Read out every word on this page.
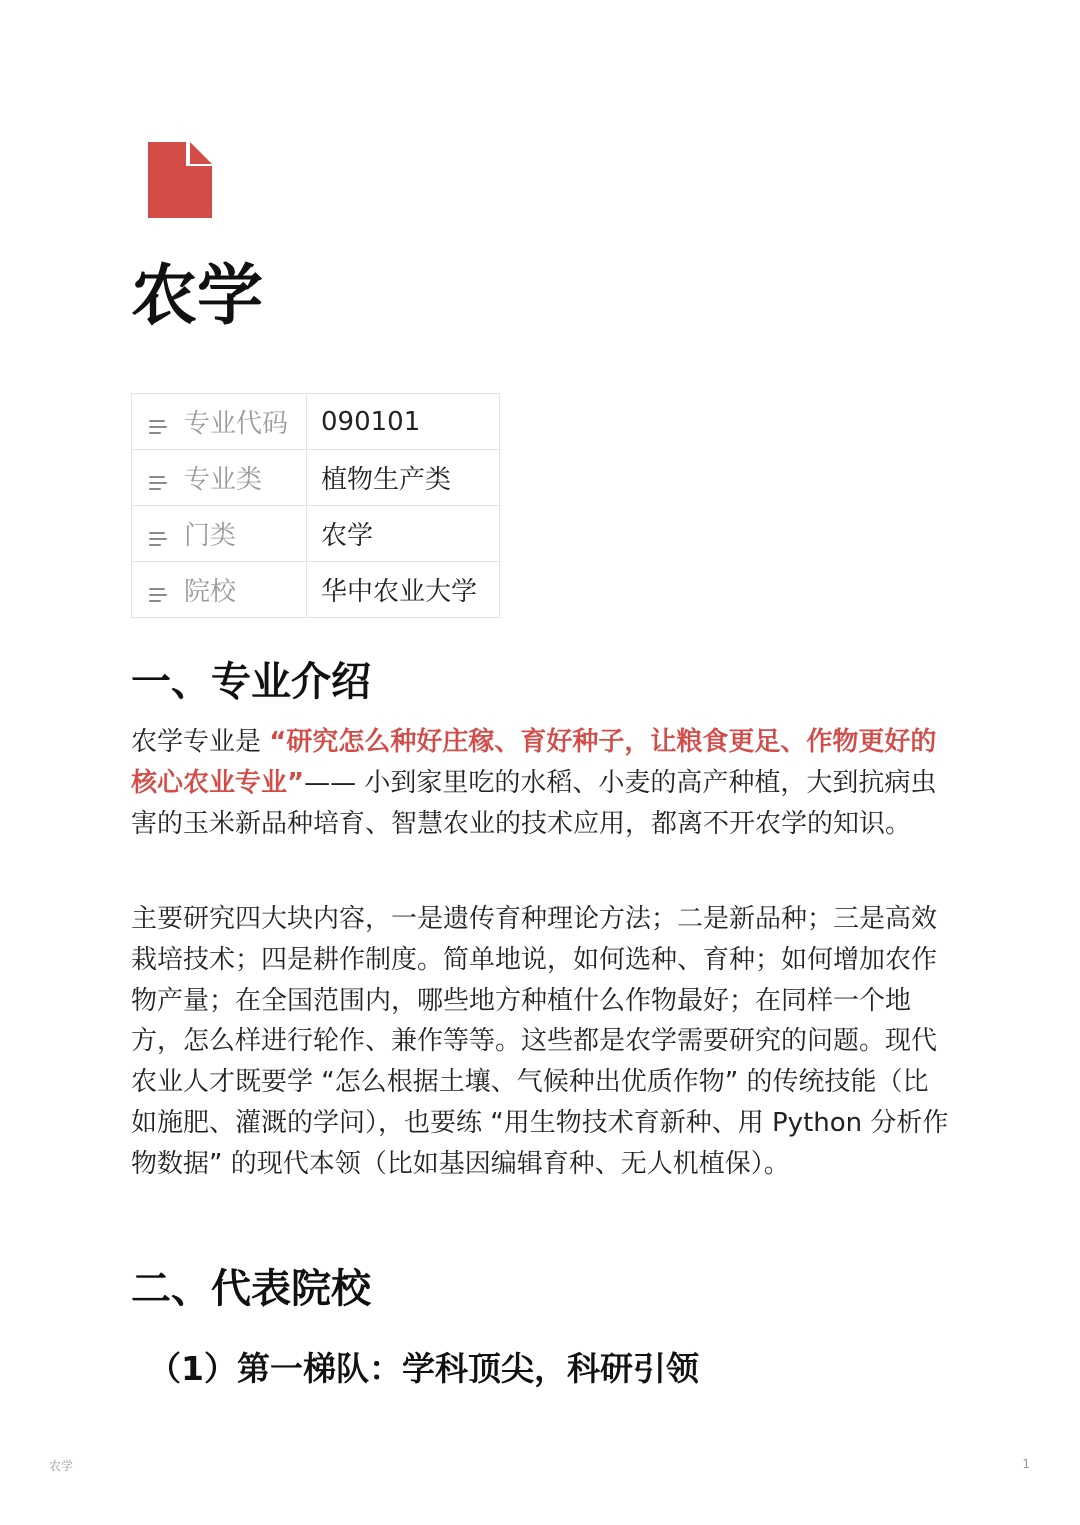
农学
专业代码	090101

专业类	植物生产类

门类	农学

院校	华中农业大学
一、专业介绍

农学专业是 “研究怎么种好庄稼、育好种子，让粮食更足、作物更好的核心农业专业”—— 小到家里吃的水稻、小麦的高产种植，大到抗病虫害的玉米新品种培育、智慧农业的技术应用，都离不开农学的知识。

主要研究四大块内容，一是遗传育种理论方法；二是新品种；三是高效栽培技术；四是耕作制度。简单地说，如何选种、育种；如何增加农作物产量；在全国范围内，哪些地方种植什么作物最好；在同样一个地方，怎么样进行轮作、兼作等等。这些都是农学需要研究的问题。现代农业人才既要学 “怎么根据土壤、气候种出优质作物” 的传统技能（比如施肥、灌溉的学问），也要练 “用生物技术育新种、用 Python 分析作物数据” 的现代本领（比如基因编辑育种、无人机植保）。

二、代表院校
（1）第一梯队：学科顶尖，科研引领
农学	1
